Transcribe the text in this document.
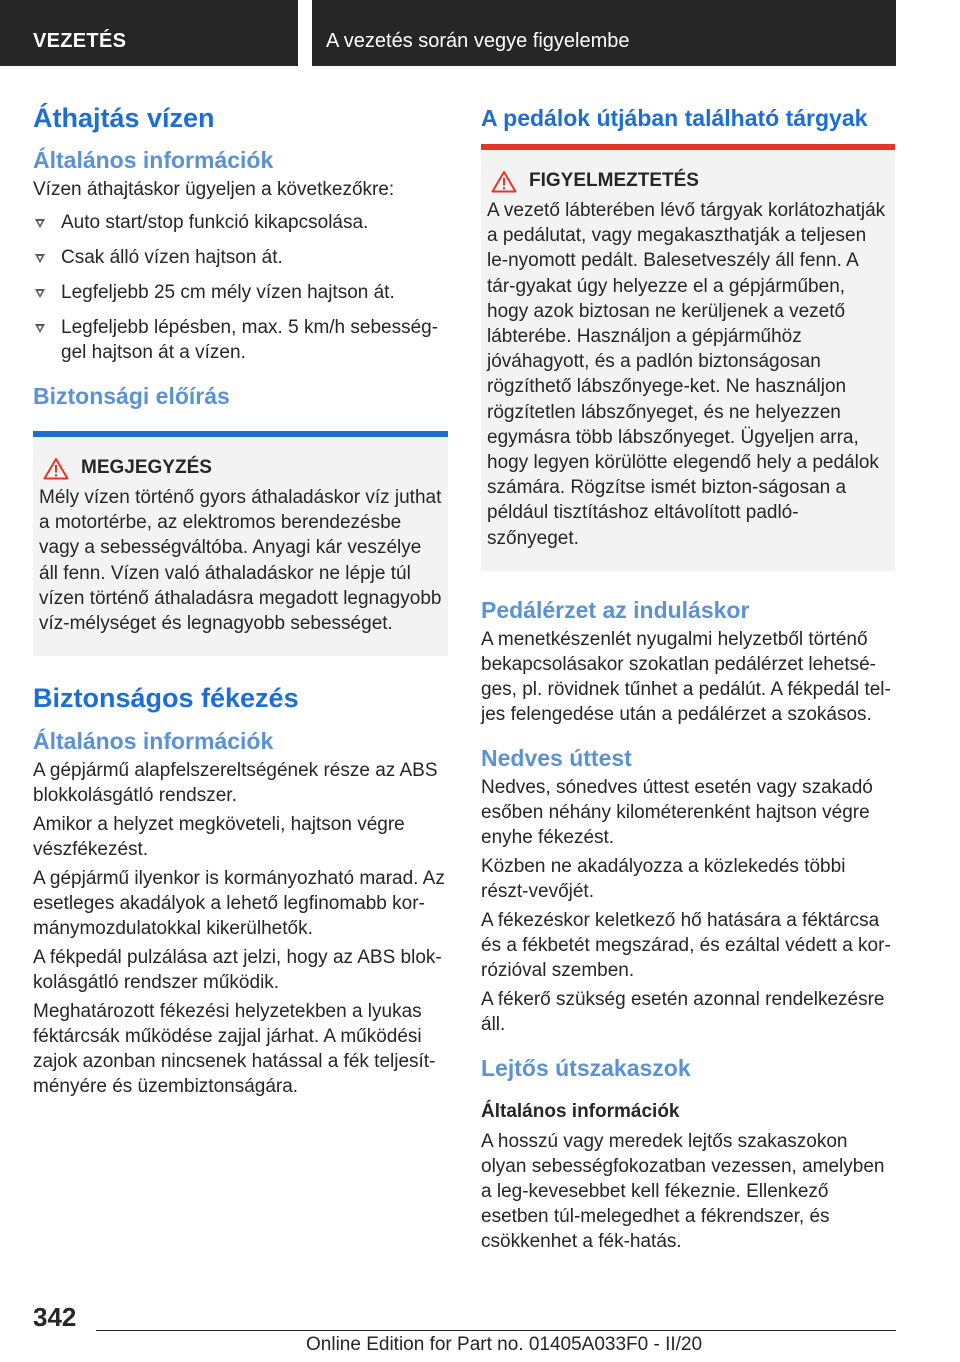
VEZETÉS	A vezetés során vegye figyelembe
Áthajtás vízen
Általános információk

Vízen áthajtáskor ügyeljen a következőkre:

Auto start/stop funkció kikapcsolása.
Csak álló vízen hajtson át.
Legfeljebb 25 cm mély vízen hajtson át.
Legfeljebb lépésben, max. 5 km/h sebesség-gel hajtson át a vízen.
Biztonsági előírás
MEGJEGYZÉS

Mély vízen történő gyors áthaladáskor víz juthat a motortérbe, az elektromos berendezésbe vagy a sebességváltóba. Anyagi kár veszélye áll fenn. Vízen való áthaladáskor ne lépje túl vízen történő áthaladásra megadott legnagyobb víz-mélységet és legnagyobb sebességet.

Biztonságos fékezés
Általános információk

A gépjármű alapfelszereltségének része az ABS blokkolásgátló rendszer.

Amikor a helyzet megköveteli, hajtson végre vészfékezést.

A gépjármű ilyenkor is kormányozható marad. Az esetleges akadályok a lehető legfinomabb kor-mánymozdulatokkal kikerülhetők.

A fékpedál pulzálása azt jelzi, hogy az ABS blok-kolásgátló rendszer működik.

Meghatározott fékezési helyzetekben a lyukas féktárcsák működése zajjal járhat. A működési zajok azonban nincsenek hatással a fék teljesít-ményére és üzembiztonságára.

A pedálok útjában található tárgyak
FIGYELMEZTETÉS

A vezető lábterében lévő tárgyak korlátozhatják a pedálutat, vagy megakaszthatják a teljesen le-nyomott pedált. Balesetveszély áll fenn. A tár-gyakat úgy helyezze el a gépjárműben, hogy azok biztosan ne kerüljenek a vezető lábterébe. Használjon a gépjárműhöz jóváhagyott, és a padlón biztonságosan rögzíthető lábszőnyege-ket. Ne használjon rögzítetlen lábszőnyeget, és ne helyezzen egymásra több lábszőnyeget. Ügyeljen arra, hogy legyen körülötte elegendő hely a pedálok számára. Rögzítse ismét bizton-ságosan a például tisztításhoz eltávolított padló-szőnyeget.

Pedálérzet az induláskor

A menetkészenlét nyugalmi helyzetből történő bekapcsolásakor szokatlan pedálérzet lehetsé-ges, pl. rövidnek tűnhet a pedálút. A fékpedál tel-jes felengedése után a pedálérzet a szokásos.

Nedves úttest

Nedves, sónedves úttest esetén vagy szakadó esőben néhány kilométerenként hajtson végre enyhe fékezést.

Közben ne akadályozza a közlekedés többi részt-vevőjét.

A fékezéskor keletkező hő hatására a féktárcsa és a fékbetét megszárad, és ezáltal védett a kor-rózióval szemben.

A fékerő szükség esetén azonnal rendelkezésre áll.

Lejtős útszakaszok
Általános információk

A hosszú vagy meredek lejtős szakaszokon olyan sebességfokozatban vezessen, amelyben a leg-kevesebbet kell fékeznie. Ellenkező esetben túl-melegedhet a fékrendszer, és csökkenhet a fék-hatás.

342
Online Edition for Part no. 01405A033F0 - II/20
